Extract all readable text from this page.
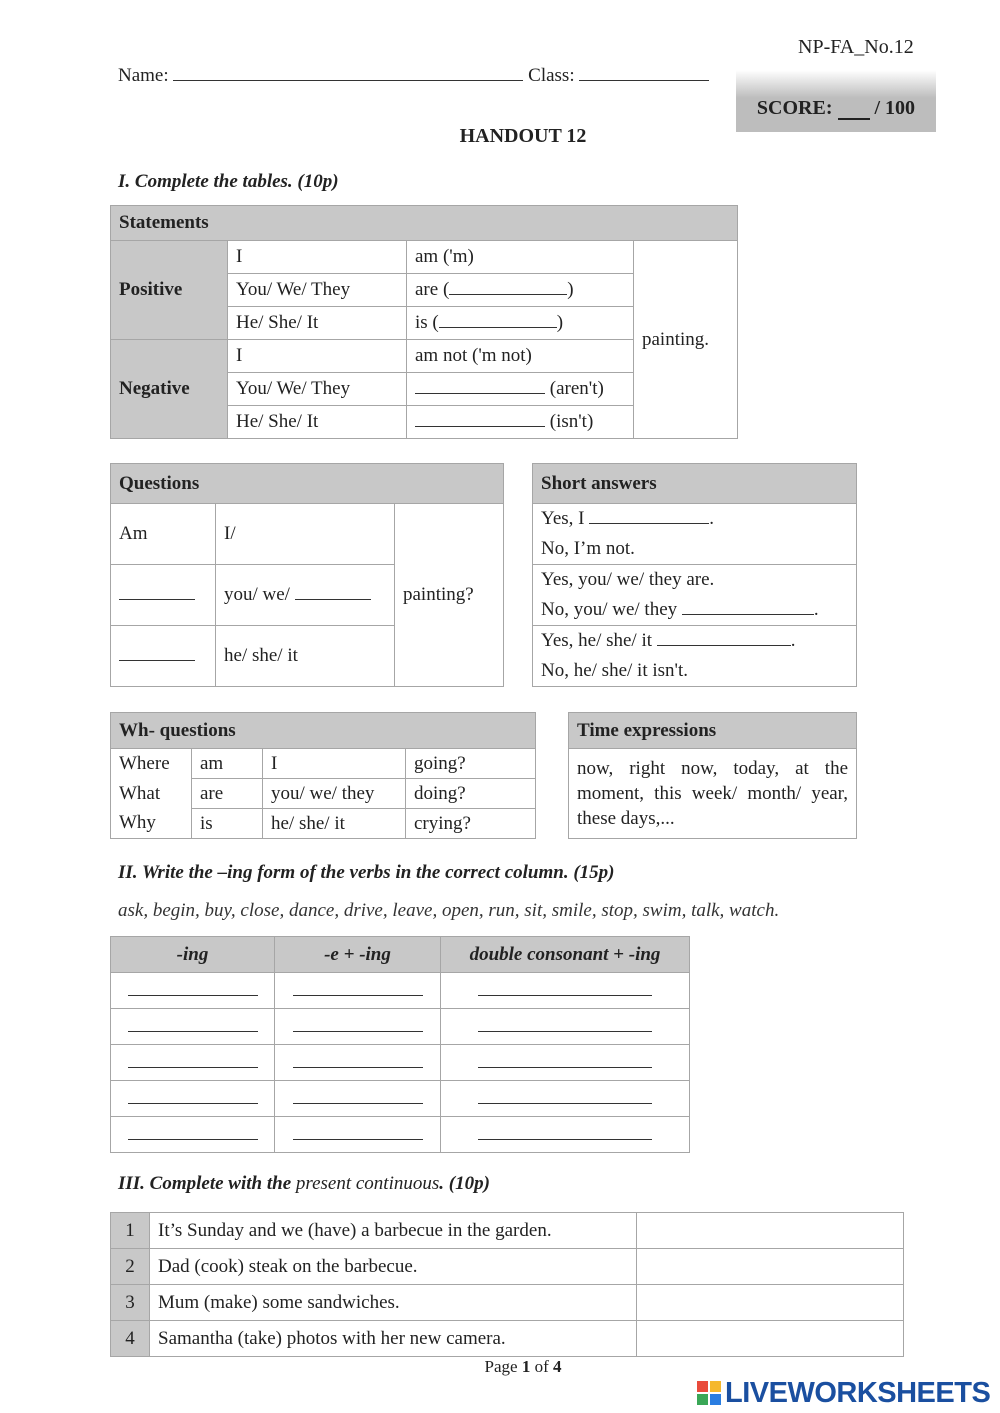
NP-FA_No.12
Name:	Class:
SCORE:

/ 100
HANDOUT 12
I. Complete the tables. (10p)
Statements			
Positive	I	am ('m)	painting.
	You/ We/ They	are ( )	
	He/ She/ It	is ( )	
Negative	I	am not ('m not)	
	You/ We/ They	(aren't)	
	He/ She/ It	(isn't)	
Questions		
Am	I/	painting?
	you/ we/	
	he/ she/ it	
Short answers

Yes, I	.
No, I’m not.

Yes, you/ we/ they are.
No, you/ we/ they	.

Yes, he/ she/ it	.
No, he/ she/ it isn't.
Wh- questions			
Where	am	I	going?
What	are	you/ we/ they	doing?
Why	is	he/ she/ it	crying?
Time expressions
now, right now, today, at the moment, this week/ month/ year, these days,...
II. Write the –ing form of the verbs in the correct column. (15p)
ask, begin, buy, close, dance, drive, leave, open, run, sit, smile, stop, swim, talk, watch.
-ing	-e + -ing	double consonant + -ing

III. Complete with the present continuous. (10p)
1	It’s Sunday and we (have) a barbecue in the garden.	
2	Dad (cook) steak on the barbecue.	
3	Mum (make) some sandwiches.	
4	Samantha (take) photos with her new camera.	
Page 1 of 4
LIVEWORKSHEETS
